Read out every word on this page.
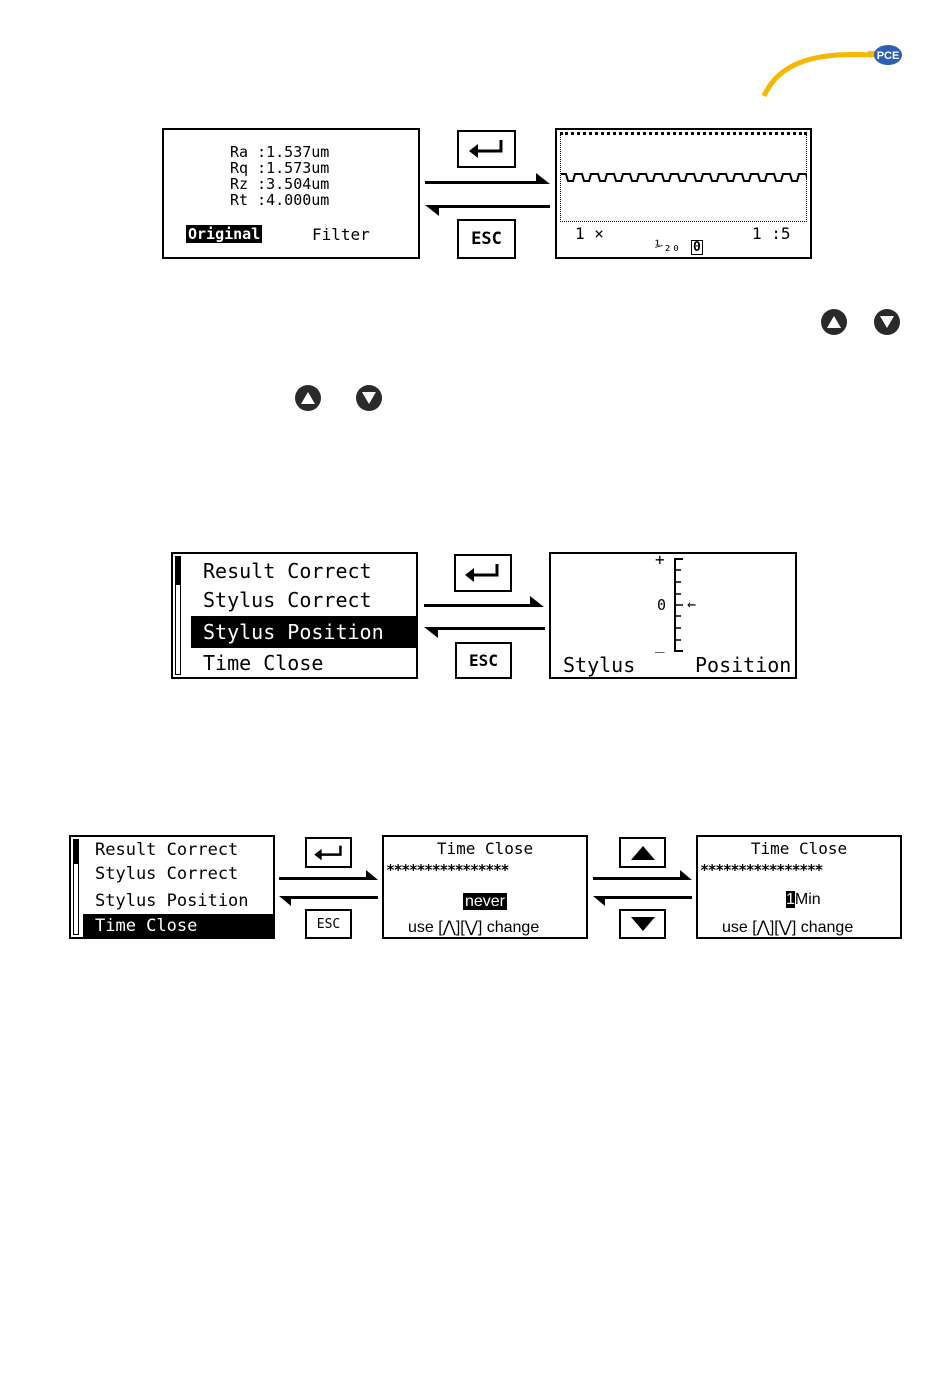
PCE
Ra :1.537um
Rq :1.573um
Rz :3.504um
Rt :4.000um
Original	Filter	ESC	1 ×	1 :5
⅟₂₀ 0
Result Correct
Stylus Correct
Stylus Position
Time Close	ESC
+
0 ←
_
Stylus	Position
Result Correct
Stylus Correct
Stylus Position
Time Close	ESC
Time Close
****************
never
use [⋀][⋁] change
Time Close
****************
1Min
use [⋀][⋁] change
